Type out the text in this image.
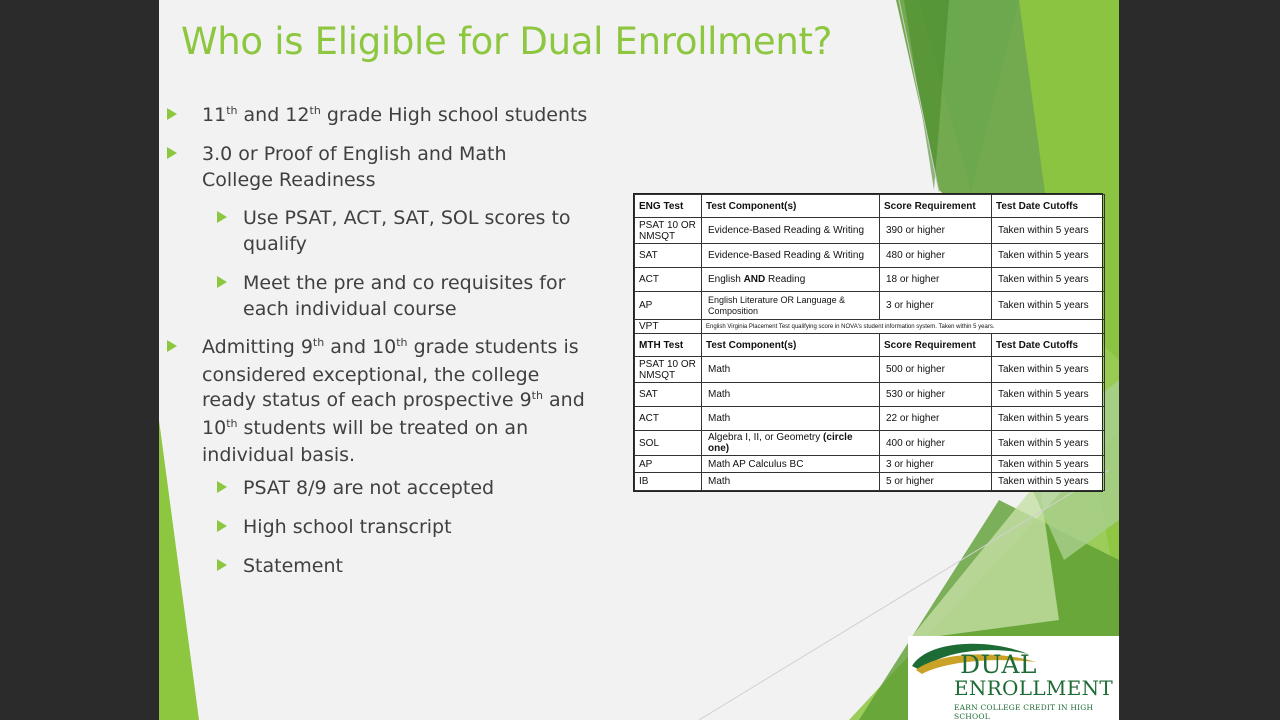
Who is Eligible for Dual Enrollment?
11th and 12th grade High school students
3.0 or Proof of English and Math College Readiness
Use PSAT, ACT, SAT, SOL scores to qualify
Meet the pre and co requisites for each individual course
Admitting 9th and 10th grade students is considered exceptional, the college ready status of each prospective 9th and 10th students will be treated on an individual basis.
PSAT 8/9 are not accepted
High school transcript
Statement
ENG Test	Test Component(s)	Score Requirement	Test Date Cutoffs
PSAT 10 OR NMSQT	Evidence-Based Reading & Writing	390 or higher	Taken within 5 years
SAT	Evidence-Based Reading & Writing	480 or higher	Taken within 5 years
ACT	English AND Reading	18 or higher	Taken within 5 years
AP	English Literature OR Language & Composition	3 or higher	Taken within 5 years
VPT	English Virginia Placement Test qualifying score in NOVA's student information system. Taken within 5 years.		
MTH Test	Test Component(s)	Score Requirement	Test Date Cutoffs
PSAT 10 OR NMSQT	Math	500 or higher	Taken within 5 years
SAT	Math	530 or higher	Taken within 5 years
ACT	Math	22 or higher	Taken within 5 years
SOL	Algebra I, II, or Geometry (circle one)	400 or higher	Taken within 5 years
AP	Math AP Calculus BC	3 or higher	Taken within 5 years
IB	Math	5 or higher	Taken within 5 years
DUAL
ENROLLMENT
EARN COLLEGE CREDIT IN HIGH SCHOOL
